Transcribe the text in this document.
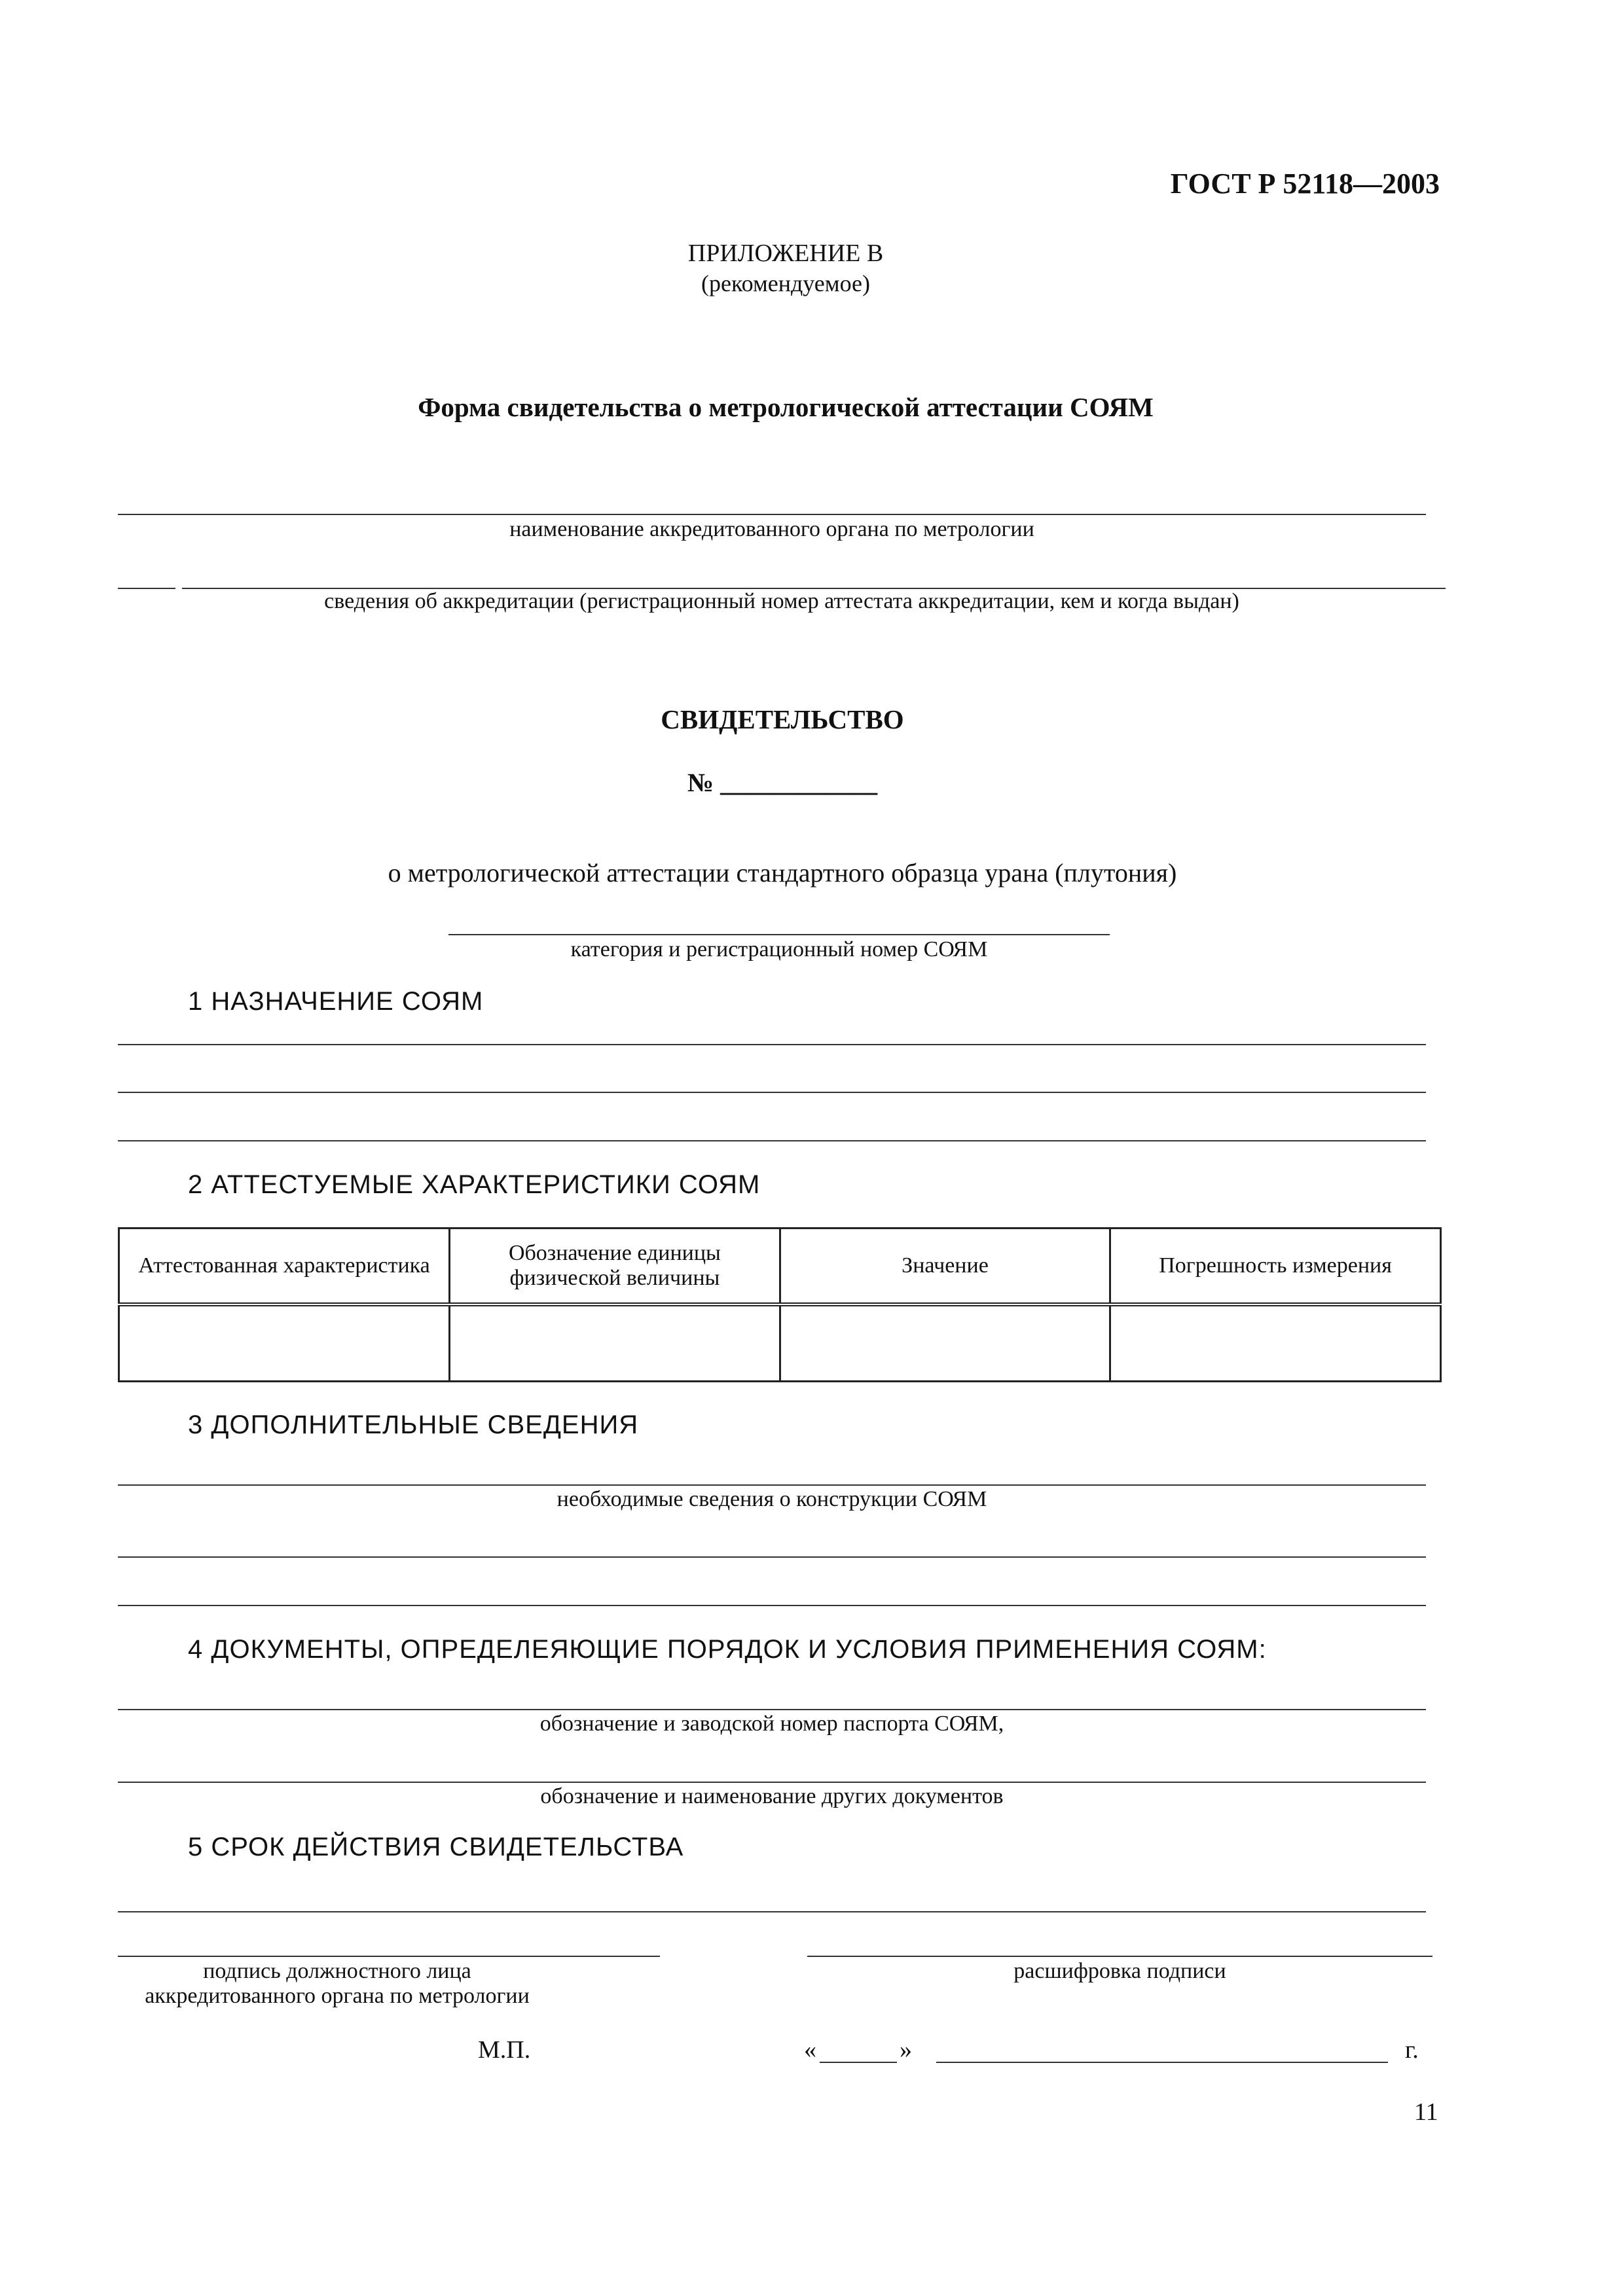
ГОСТ Р 52118—2003
ПРИЛОЖЕНИЕ В
(рекомендуемое)
Форма свидетельства о метрологической аттестации СОЯМ
наименование аккредитованного органа по метрологии
сведения об аккредитации (регистрационный номер аттестата аккредитации, кем и когда выдан)
СВИДЕТЕЛЬСТВО
№ ____________
о метрологической аттестации стандартного образца урана (плутония)
категория и регистрационный номер СОЯМ
1 НАЗНАЧЕНИЕ СОЯМ
2 АТТЕСТУЕМЫЕ ХАРАКТЕРИСТИКИ СОЯМ
Аттестованная характеристика	Обозначение единицы физической величины	Значение	Погрешность измерения

3 ДОПОЛНИТЕЛЬНЫЕ СВЕДЕНИЯ
необходимые сведения о конструкции СОЯМ
4 ДОКУМЕНТЫ, ОПРЕДЕЛЕЯЮЩИЕ ПОРЯДОК И УСЛОВИЯ ПРИМЕНЕНИЯ СОЯМ:
обозначение и заводской номер паспорта СОЯМ,
обозначение и наименование других документов
5 СРОК ДЕЙСТВИЯ СВИДЕТЕЛЬСТВА
подпись должностного лица
аккредитованного органа по метрологии
расшифровка подписи
М.П.	«	»	г.
11
